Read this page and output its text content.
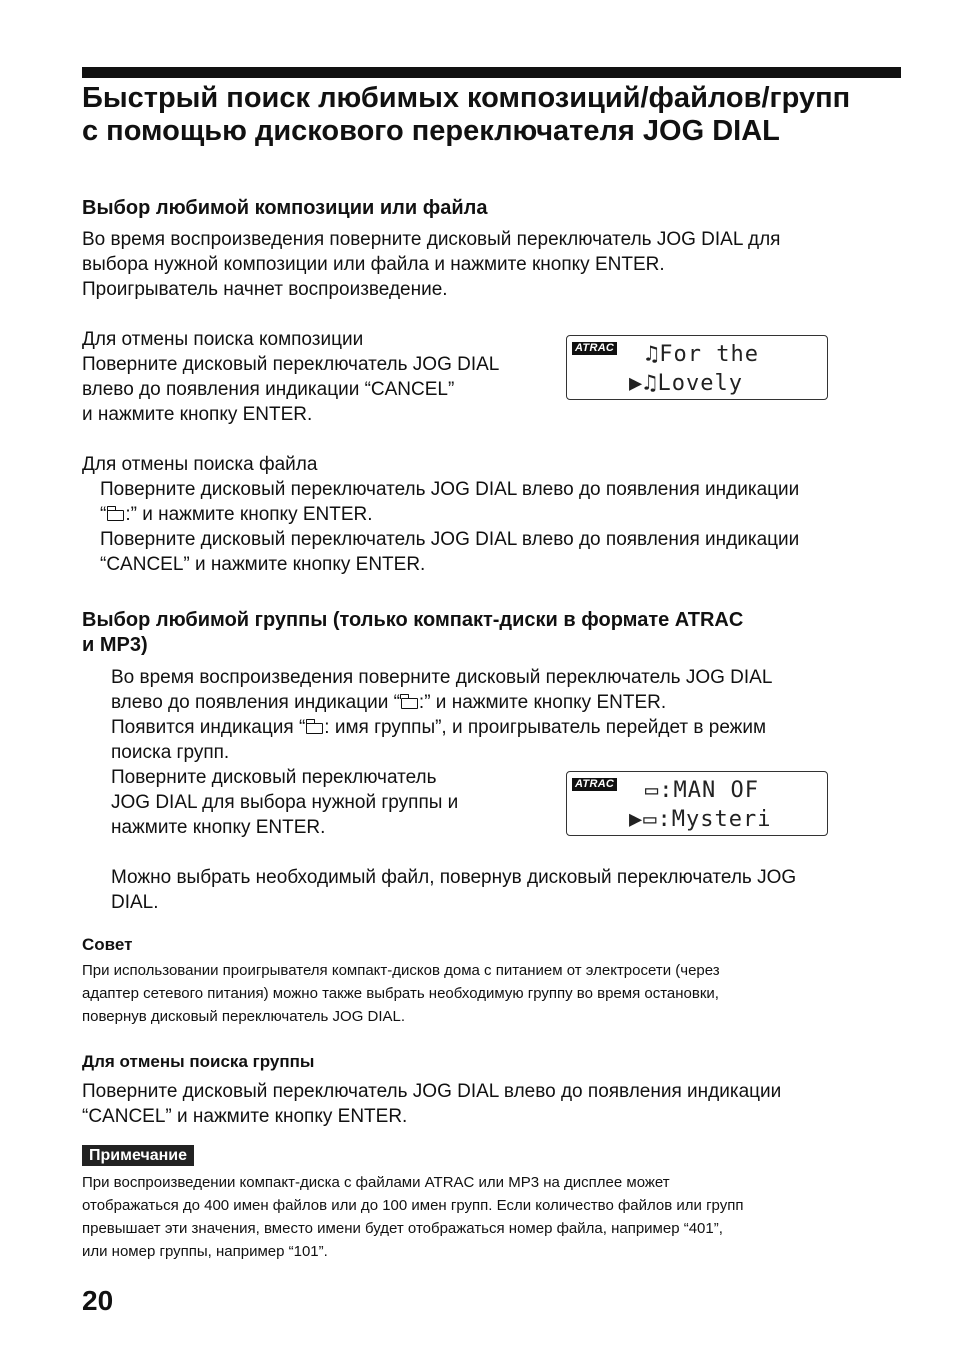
Быстрый поиск любимых композиций/файлов/групп
с помощью дискового переключателя JOG DIAL
Выбор любимой композиции или файла

Во время воспроизведения поверните дисковый переключатель JOG DIAL для

выбора нужной композиции или файла и нажмите кнопку ENTER.

Проигрыватель начнет воспроизведение.

Для отмены поиска композиции

Поверните дисковый переключатель JOG DIAL

влево до появления индикации “CANCEL”

и нажмите кнопку ENTER.

ATRAC ♫For the
▶♫Lovely

Для отмены поиска файла

Поверните дисковый переключатель JOG DIAL влево до появления индикации

“ :” и нажмите кнопку ENTER.

Поверните дисковый переключатель JOG DIAL влево до появления индикации

“CANCEL” и нажмите кнопку ENTER.

Выбор любимой группы (только компакт-диски в формате ATRAC
и MP3)

Во время воспроизведения поверните дисковый переключатель JOG DIAL

влево до появления индикации “ :” и нажмите кнопку ENTER.

Появится индикация “ : имя группы”, и проигрыватель перейдет в режим

поиска групп.

Поверните дисковый переключатель

JOG DIAL для выбора нужной группы и

нажмите кнопку ENTER.

ATRAC ▭:MAN OF
▶▭:Mysteri

Можно выбрать необходимый файл, повернув дисковый переключатель JOG

DIAL.

Совет

При использовании проигрывателя компакт-дисков дома с питанием от электросети (через

адаптер сетевого питания) можно также выбрать необходимую группу во время остановки,

повернув дисковый переключатель JOG DIAL.

Для отмены поиска группы

Поверните дисковый переключатель JOG DIAL влево до появления индикации

“CANCEL” и нажмите кнопку ENTER.

Примечание

При воспроизведении компакт-диска с файлами ATRAC или MP3 на дисплее может

отображаться до 400 имен файлов или до 100 имен групп. Если количество файлов или групп

превышает эти значения, вместо имени будет отображаться номер файла, например “401”,

или номер группы, например “101”.

20
